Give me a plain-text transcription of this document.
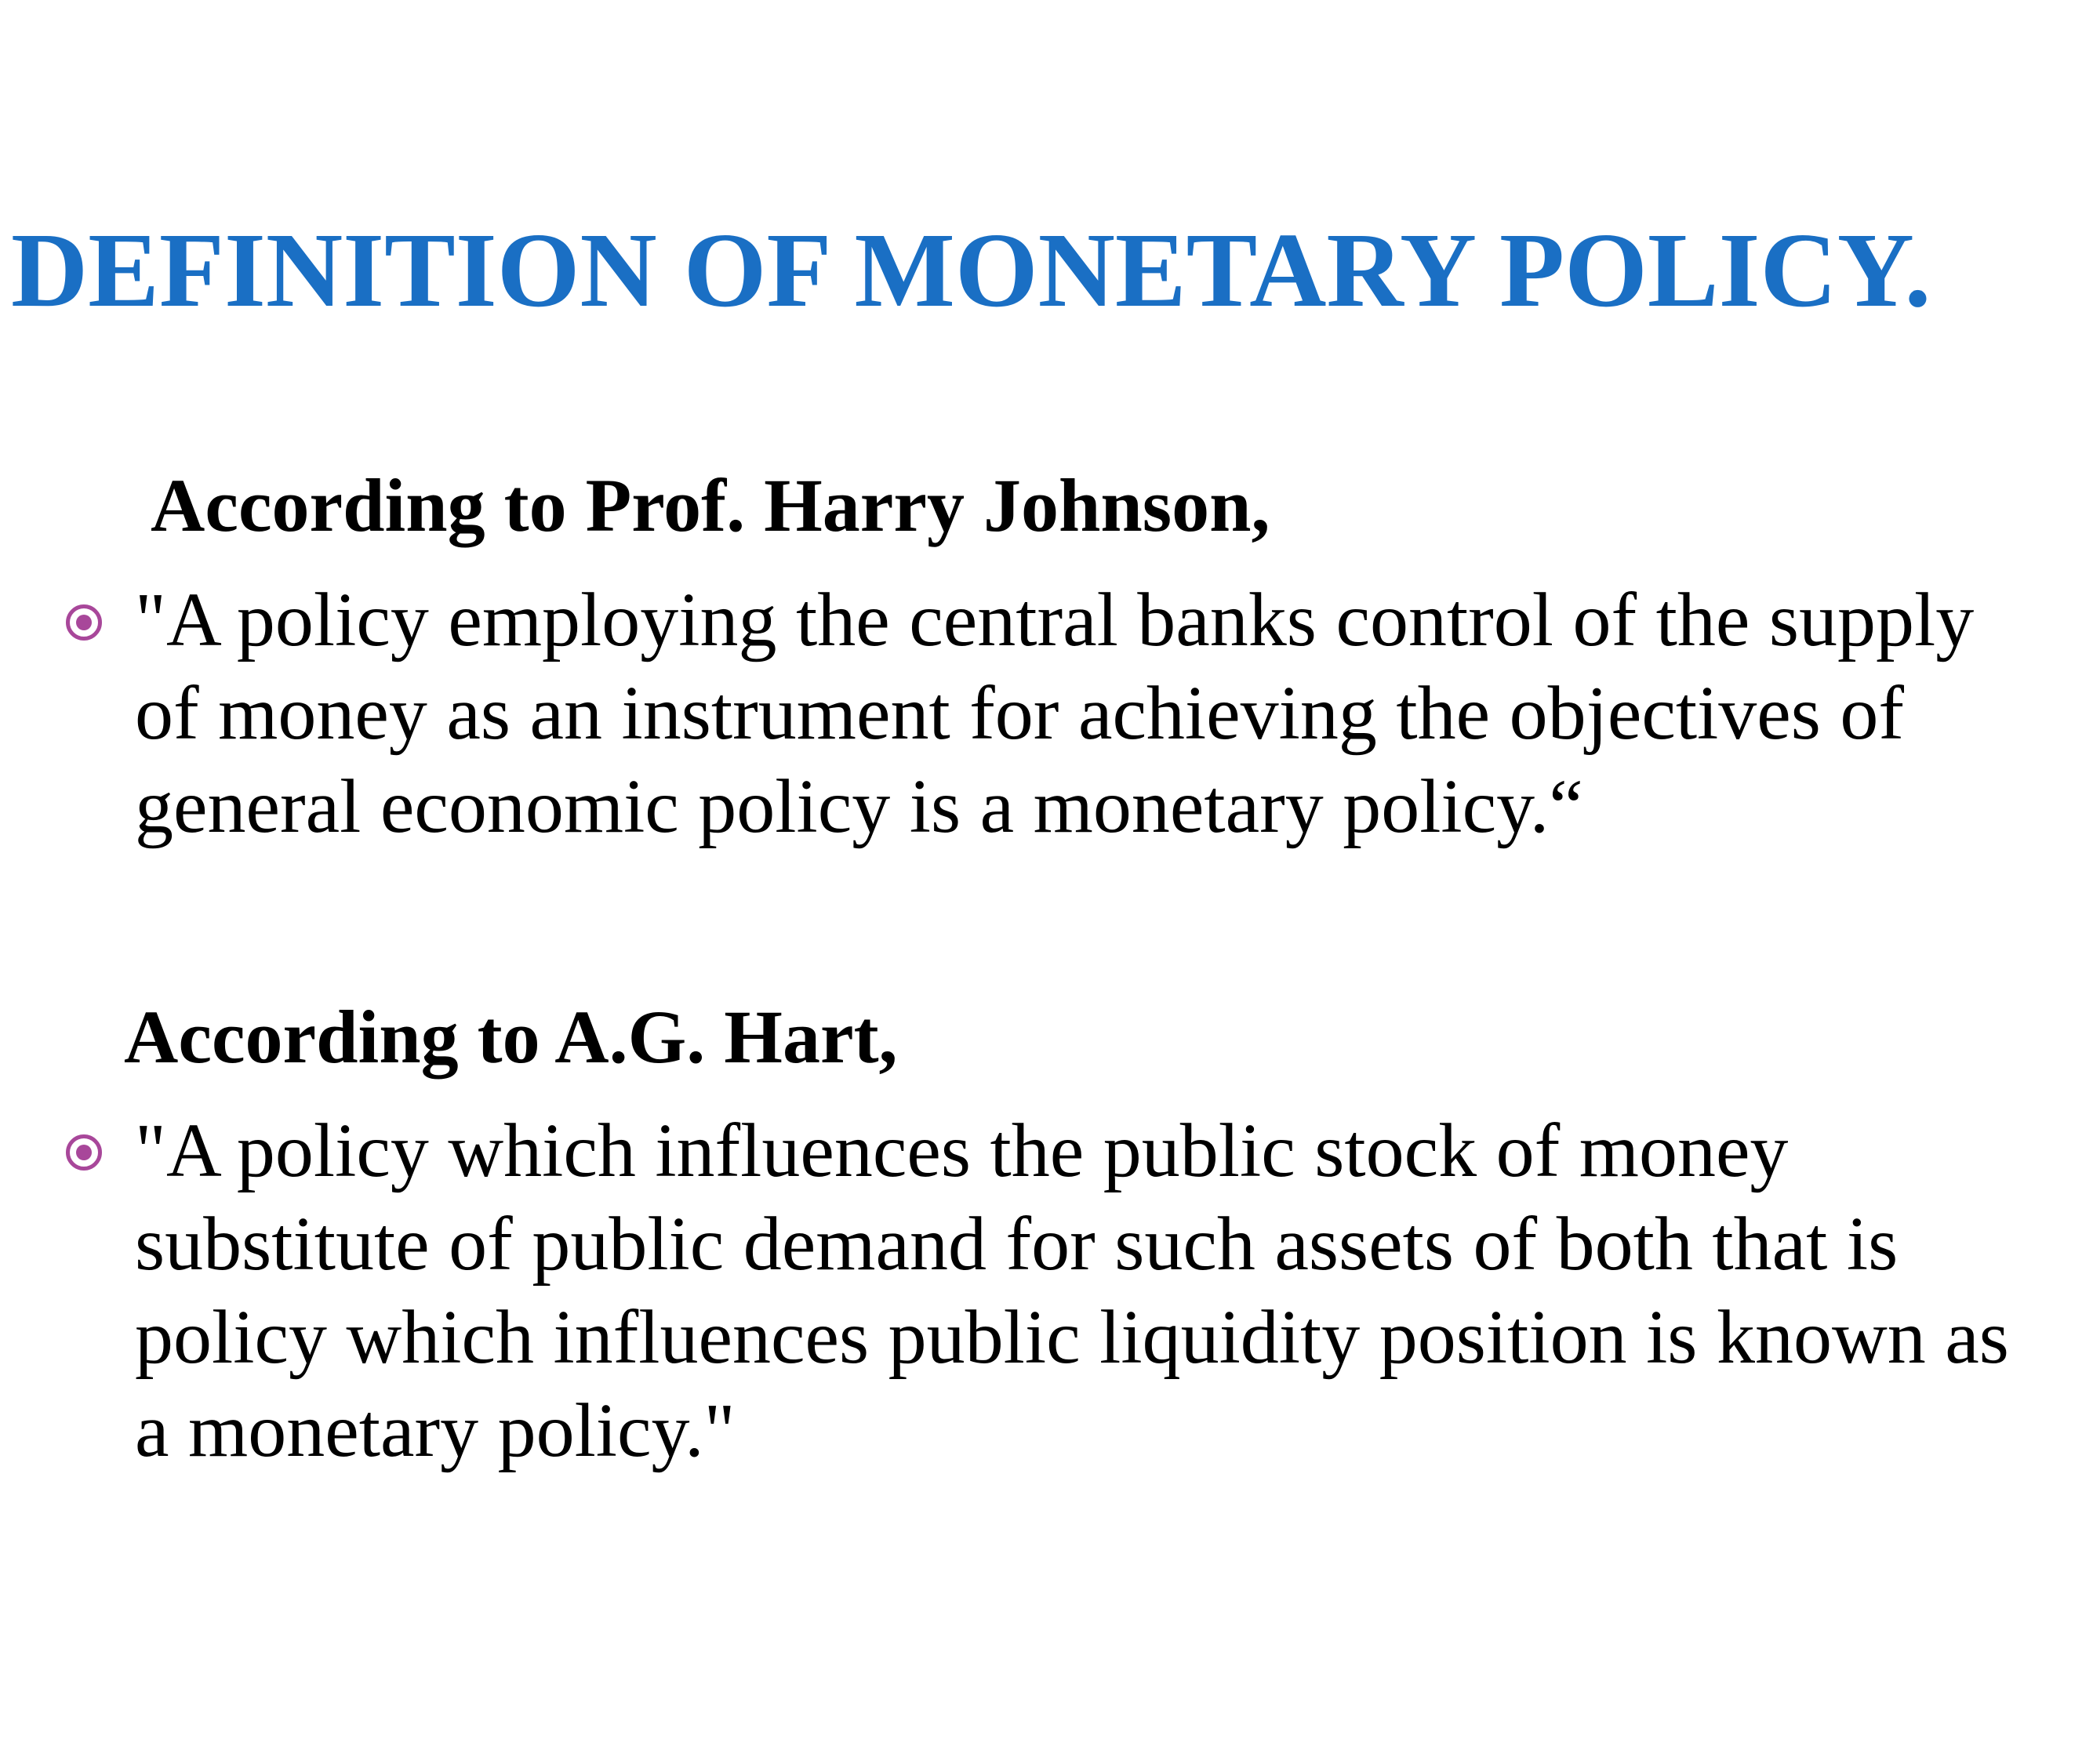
DEFINITION OF MONETARY POLICY.
According to Prof. Harry Johnson,

"A policy employing the central banks control of the supply
of money as an instrument for achieving the objectives of
general economic policy is a monetary policy.“

According to A.G. Hart,

"A policy which influences the public stock of money
substitute of public demand for such assets of both that is
policy which influences public liquidity position is known as
a monetary policy."
